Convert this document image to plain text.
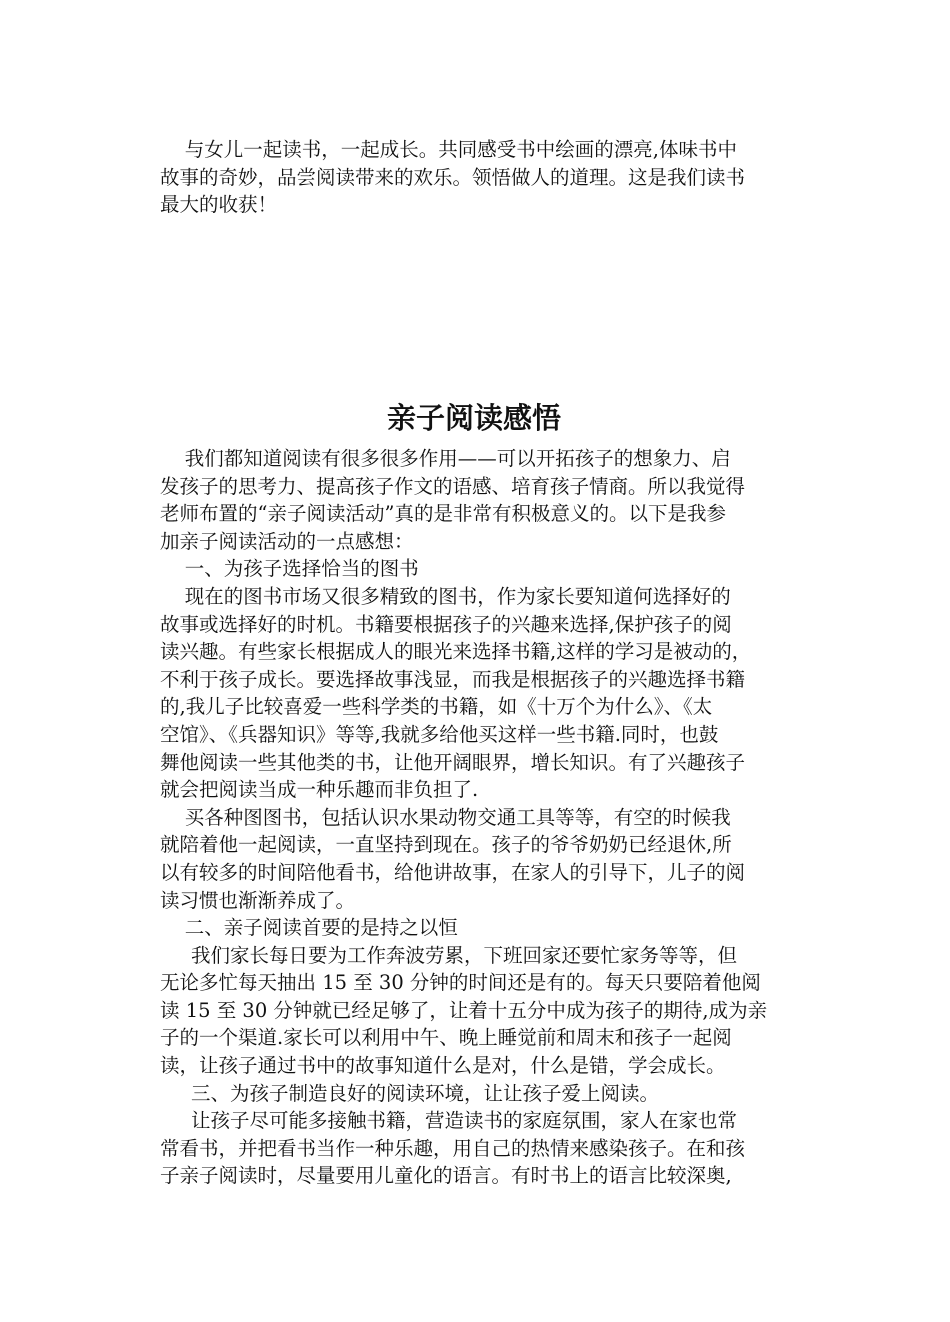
与女儿一起读书，一起成长。共同感受书中绘画的漂亮,体味书中
故事的奇妙，品尝阅读带来的欢乐。领悟做人的道理。这是我们读书
最大的收获！
亲子阅读感悟
我们都知道阅读有很多很多作用——可以开拓孩子的想象力、启
发孩子的思考力、提高孩子作文的语感、培育孩子情商。所以我觉得
老师布置的“亲子阅读活动”真的是非常有积极意义的。以下是我参
加亲子阅读活动的一点感想：
一、为孩子选择恰当的图书
现在的图书市场又很多精致的图书，作为家长要知道何选择好的
故事或选择好的时机。书籍要根据孩子的兴趣来选择,保护孩子的阅
读兴趣。有些家长根据成人的眼光来选择书籍,这样的学习是被动的，
不利于孩子成长。要选择故事浅显，而我是根据孩子的兴趣选择书籍
的,我儿子比较喜爱一些科学类的书籍，如《十万个为什么》、《太
空馆》、《兵器知识》等等,我就多给他买这样一些书籍.同时，也鼓
舞他阅读一些其他类的书，让他开阔眼界，增长知识。有了兴趣孩子
就会把阅读当成一种乐趣而非负担了.
买各种图图书，包括认识水果动物交通工具等等，有空的时候我
就陪着他一起阅读，一直坚持到现在。孩子的爷爷奶奶已经退休,所
以有较多的时间陪他看书，给他讲故事，在家人的引导下，儿子的阅
读习惯也渐渐养成了。
二、亲子阅读首要的是持之以恒
我们家长每日要为工作奔波劳累，下班回家还要忙家务等等，但
无论多忙每天抽出 15 至 30 分钟的时间还是有的。每天只要陪着他阅
读 15 至 30 分钟就已经足够了，让着十五分中成为孩子的期待,成为亲
子的一个渠道.家长可以利用中午、晚上睡觉前和周末和孩子一起阅
读，让孩子通过书中的故事知道什么是对，什么是错，学会成长。
三、为孩子制造良好的阅读环境，让让孩子爱上阅读。
让孩子尽可能多接触书籍，营造读书的家庭氛围，家人在家也常
常看书，并把看书当作一种乐趣，用自己的热情来感染孩子。在和孩
子亲子阅读时，尽量要用儿童化的语言。有时书上的语言比较深奥,
